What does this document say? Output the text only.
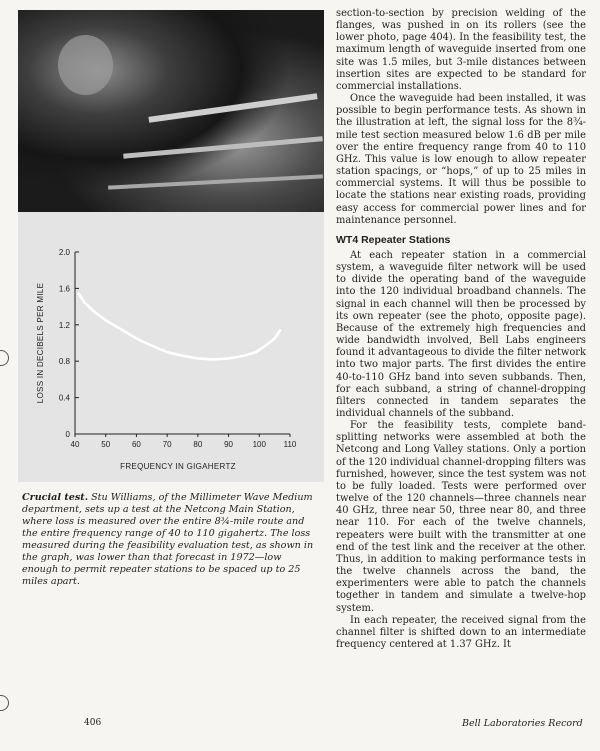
40	50	60	70	80	90 100 110
0
0.4
0.8
1.2
1.6
2.0
FREQUENCY IN GIGAHERTZ
LOSS IN DECIBELS PER MILE

Crucial test. Stu Williams, of the Millimeter Wave Medium department, sets up a test at the Netcong Main Station, where loss is measured over the entire 8¾-mile route and the entire frequency range of 40 to 110 gigahertz. The loss measured during the feasibility evaluation test, as shown in the graph, was lower than that forecast in 1972—low enough to permit repeater stations to be spaced up to 25 miles apart.

section-to-section by precision welding of the flanges, was pushed in on its rollers (see the lower photo, page 404). In the feasibility test, the maximum length of waveguide inserted from one site was 1.5 miles, but 3-mile distances between insertion sites are expected to be standard for commercial installations.

Once the waveguide had been installed, it was possible to begin performance tests. As shown in the illustration at left, the signal loss for the 8¾-mile test section measured below 1.6 dB per mile over the entire frequency range from 40 to 110 GHz. This value is low enough to allow repeater station spacings, or “hops,” of up to 25 miles in commercial systems. It will thus be possible to locate the stations near existing roads, providing easy access for commercial power lines and for maintenance personnel.

WT4 Repeater Stations

At each repeater station in a commercial system, a waveguide filter network will be used to divide the operating band of the waveguide into the 120 individual broadband channels. The signal in each channel will then be processed by its own repeater (see the photo, opposite page). Because of the extremely high frequencies and wide bandwidth involved, Bell Labs engineers found it advantageous to divide the filter network into two major parts. The first divides the entire 40-to-110 GHz band into seven subbands. Then, for each subband, a string of channel-dropping filters connected in tandem separates the individual channels of the subband.

For the feasibility tests, complete band-splitting networks were assembled at both the Netcong and Long Valley stations. Only a portion of the 120 individual channel-dropping filters was furnished, however, since the test system was not to be fully loaded. Tests were performed over twelve of the 120 channels—three channels near 40 GHz, three near 50, three near 80, and three near 110. For each of the twelve channels, repeaters were built with the transmitter at one end of the test link and the receiver at the other. Thus, in addition to making performance tests in the twelve channels across the band, the experimenters were able to patch the channels together in tandem and simulate a twelve-hop system.

In each repeater, the received signal from the channel filter is shifted down to an intermediate frequency centered at 1.37 GHz. It

406	Bell Laboratories Record
